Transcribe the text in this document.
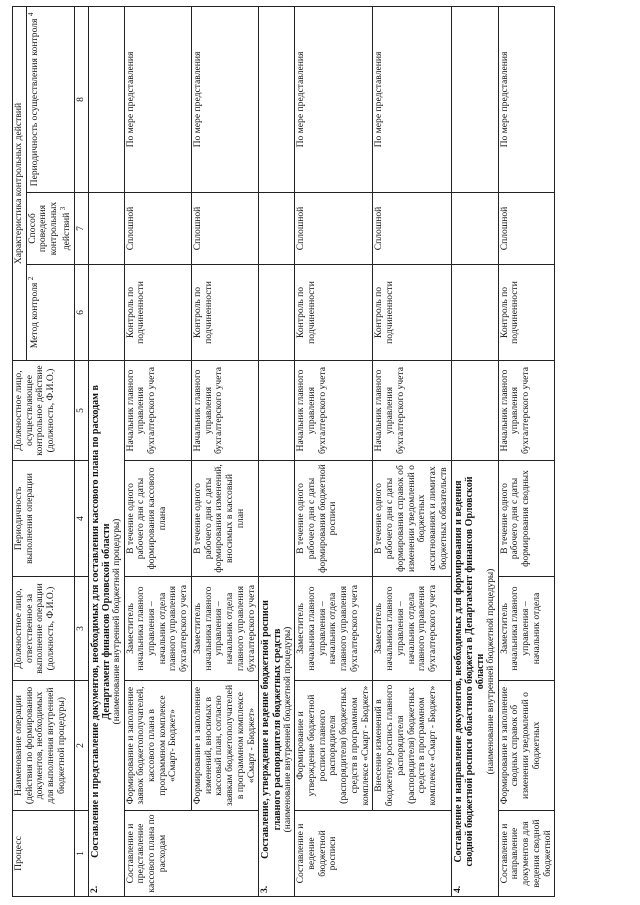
Процесс	Наименование операции (действия по формированию документов, необходимых для выполнения внутренней бюджетной процедуры)	Должностное лицо, ответственное за выполнение операции (должность, Ф.И.О.)	Периодичность выполнения операции	Должностное лицо, осуществляющее контрольное действие (должность, Ф.И.О.)	Характеристика контрольных действий		
					Метод контроля $^2$	Способ проведения контрольных действий $^3$	Периодичность осуществления контроля $^4$
1	2	3	4	5	6	7	8

2.
Составление и представление документов, необходимых для составления кассового плана по расходам в Департамент финансов Орловской области (наименование внутренней бюджетной процедуры)							

Составление и представление кассового плана по расходам	Формирование и заполнение заявок бюджетополучателей, кассового плана в программном комплексе «Смарт- Бюджет»	Заместитель начальника главного управления – начальник отдела главного управления бухгалтерского учета	В течение одного рабочего дня с даты формирования кассового плана	Начальник главного управления бухгалтерского учета	Контроль по подчиненности	Сплошной	По мере представления
	Формирование и заполнение изменений, вносимых в кассовый план, согласно заявкам бюджетополучателей в программном комплексе «Смарт - Бюджет»	Заместитель начальника главного управления – начальник отдела главного управления бухгалтерского учета	В течение одного рабочего дня с даты формирования изменений, вносимых в кассовый план	Начальник главного управления бухгалтерского учета	Контроль по подчиненности	Сплошной	По мере представления

3.
Составление, утверждение и ведение бюджетной росписи главного распорядителя бюджетных средств (наименование внутренней бюджетной процедуры)							

Составление и ведение бюджетной росписи	Формирование и утверждение бюджетной росписи главного распорядителя (распорядителя) бюджетных средств в программном комплексе «Смарт - Бюджет»	Заместитель начальника главного управления – начальник отдела главного управления бухгалтерского учета	В течение одного рабочего дня с даты формирования бюджетной росписи	Начальник главного управления бухгалтерского учета	Контроль по подчиненности	Сплошной	По мере представления
	Внесение изменений в бюджетную роспись главного распорядителя (распорядителя) бюджетных средств в программном комплексе «Смарт - Бюджет»	Заместитель начальника главного управления – начальник отдела главного управления бухгалтерского учета	В течение одного рабочего дня с даты формирования справок об изменении уведомлений о бюджетных ассигнованиях и лимитах бюджетных обязательств	Начальник главного управления бухгалтерского учета	Контроль по подчиненности	Сплошной	По мере представления

4.
Составление и направление документов, необходимых для формирования и ведения сводной бюджетной росписи областного бюджета в Департамент финансов Орловской области (наименование внутренней бюджетной процедуры)							

Составление и направление документов для ведения сводной бюджетной	Формирование и заполнение сводных справок об изменении уведомлений о бюджетных	Заместитель начальника главного управления – начальник отдела	В течение одного рабочего дня с даты формирования сводных	Начальник главного управления бухгалтерского учета	Контроль по подчиненности	Сплошной	По мере представления
